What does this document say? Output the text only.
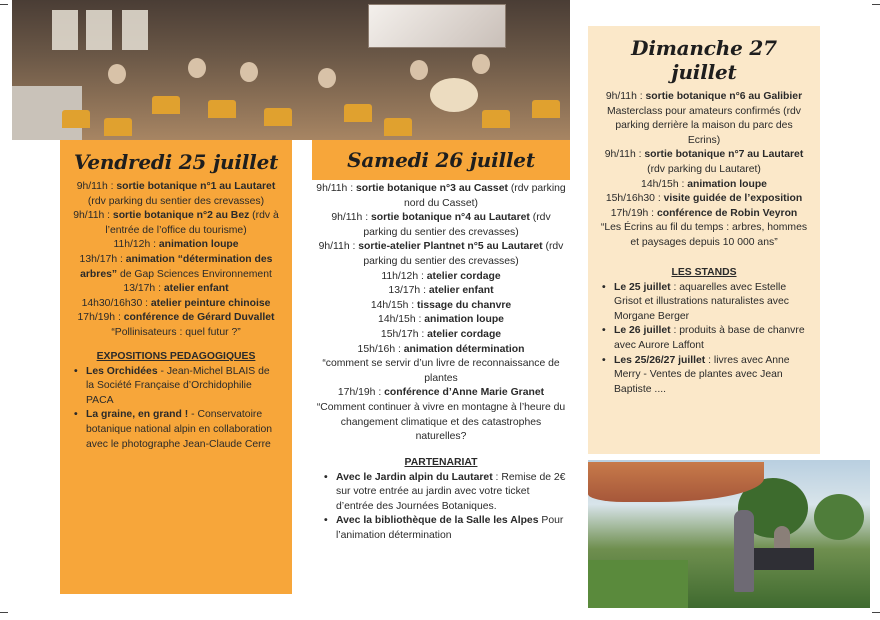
Vendredi 25 juillet
9h/11h : sortie botanique n°1 au Lautaret (rdv parking du sentier des crevasses)
9h/11h : sortie botanique n°2 au Bez (rdv à l’entrée de l’office du tourisme)
11h/12h : animation loupe
13h/17h : animation “détermination des arbres” de Gap Sciences Environnement
13/17h : atelier enfant
14h30/16h30 : atelier peinture chinoise
17h/19h : conférence de Gérard Duvallet
“Pollinisateurs : quel futur ?”
EXPOSITIONS PEDAGOGIQUES
• Les Orchidées - Jean-Michel BLAIS de la Société Française d’Orchidophilie PACA
• La graine, en grand ! - Conservatoire botanique national alpin en collaboration avec le photographe Jean-Claude Cerre
Samedi 26 juillet
9h/11h : sortie botanique n°3 au Casset (rdv parking nord du Casset)
9h/11h : sortie botanique n°4 au Lautaret (rdv parking du sentier des crevasses)
9h/11h : sortie-atelier Plantnet n°5 au Lautaret (rdv parking du sentier des crevasses)
11h/12h : atelier cordage
13/17h : atelier enfant
14h/15h : tissage du chanvre
14h/15h : animation loupe
15h/17h : atelier cordage
15h/16h : animation détermination
“comment se servir d’un livre de reconnaissance de plantes
17h/19h : conférence d’Anne Marie Granet
“Comment continuer à vivre en montagne à l’heure du changement climatique et des catastrophes naturelles?
PARTENARIAT
• Avec le Jardin alpin du Lautaret : Remise de 2€ sur votre entrée au jardin avec votre ticket d’entrée des Journées Botaniques.
• Avec la bibliothèque de la Salle les Alpes Pour l’animation détermination
Dimanche 27 juillet
9h/11h : sortie botanique n°6 au Galibier Masterclass pour amateurs confirmés (rdv parking derrière la maison du parc des Ecrins)
9h/11h : sortie botanique n°7 au Lautaret (rdv parking du Lautaret)
14h/15h : animation loupe
15h/16h30 : visite guidée de l’exposition
17h/19h : conférence de Robin Veyron
“Les Écrins au fil du temps : arbres, hommes et paysages depuis 10 000 ans”
LES STANDS
• Le 25 juillet : aquarelles avec Estelle Grisot et illustrations naturalistes avec Morgane Berger
• Le 26 juillet : produits à base de chanvre avec Aurore Laffont
• Les 25/26/27 juillet : livres avec Anne Merry - Ventes de plantes avec Jean Baptiste ....
